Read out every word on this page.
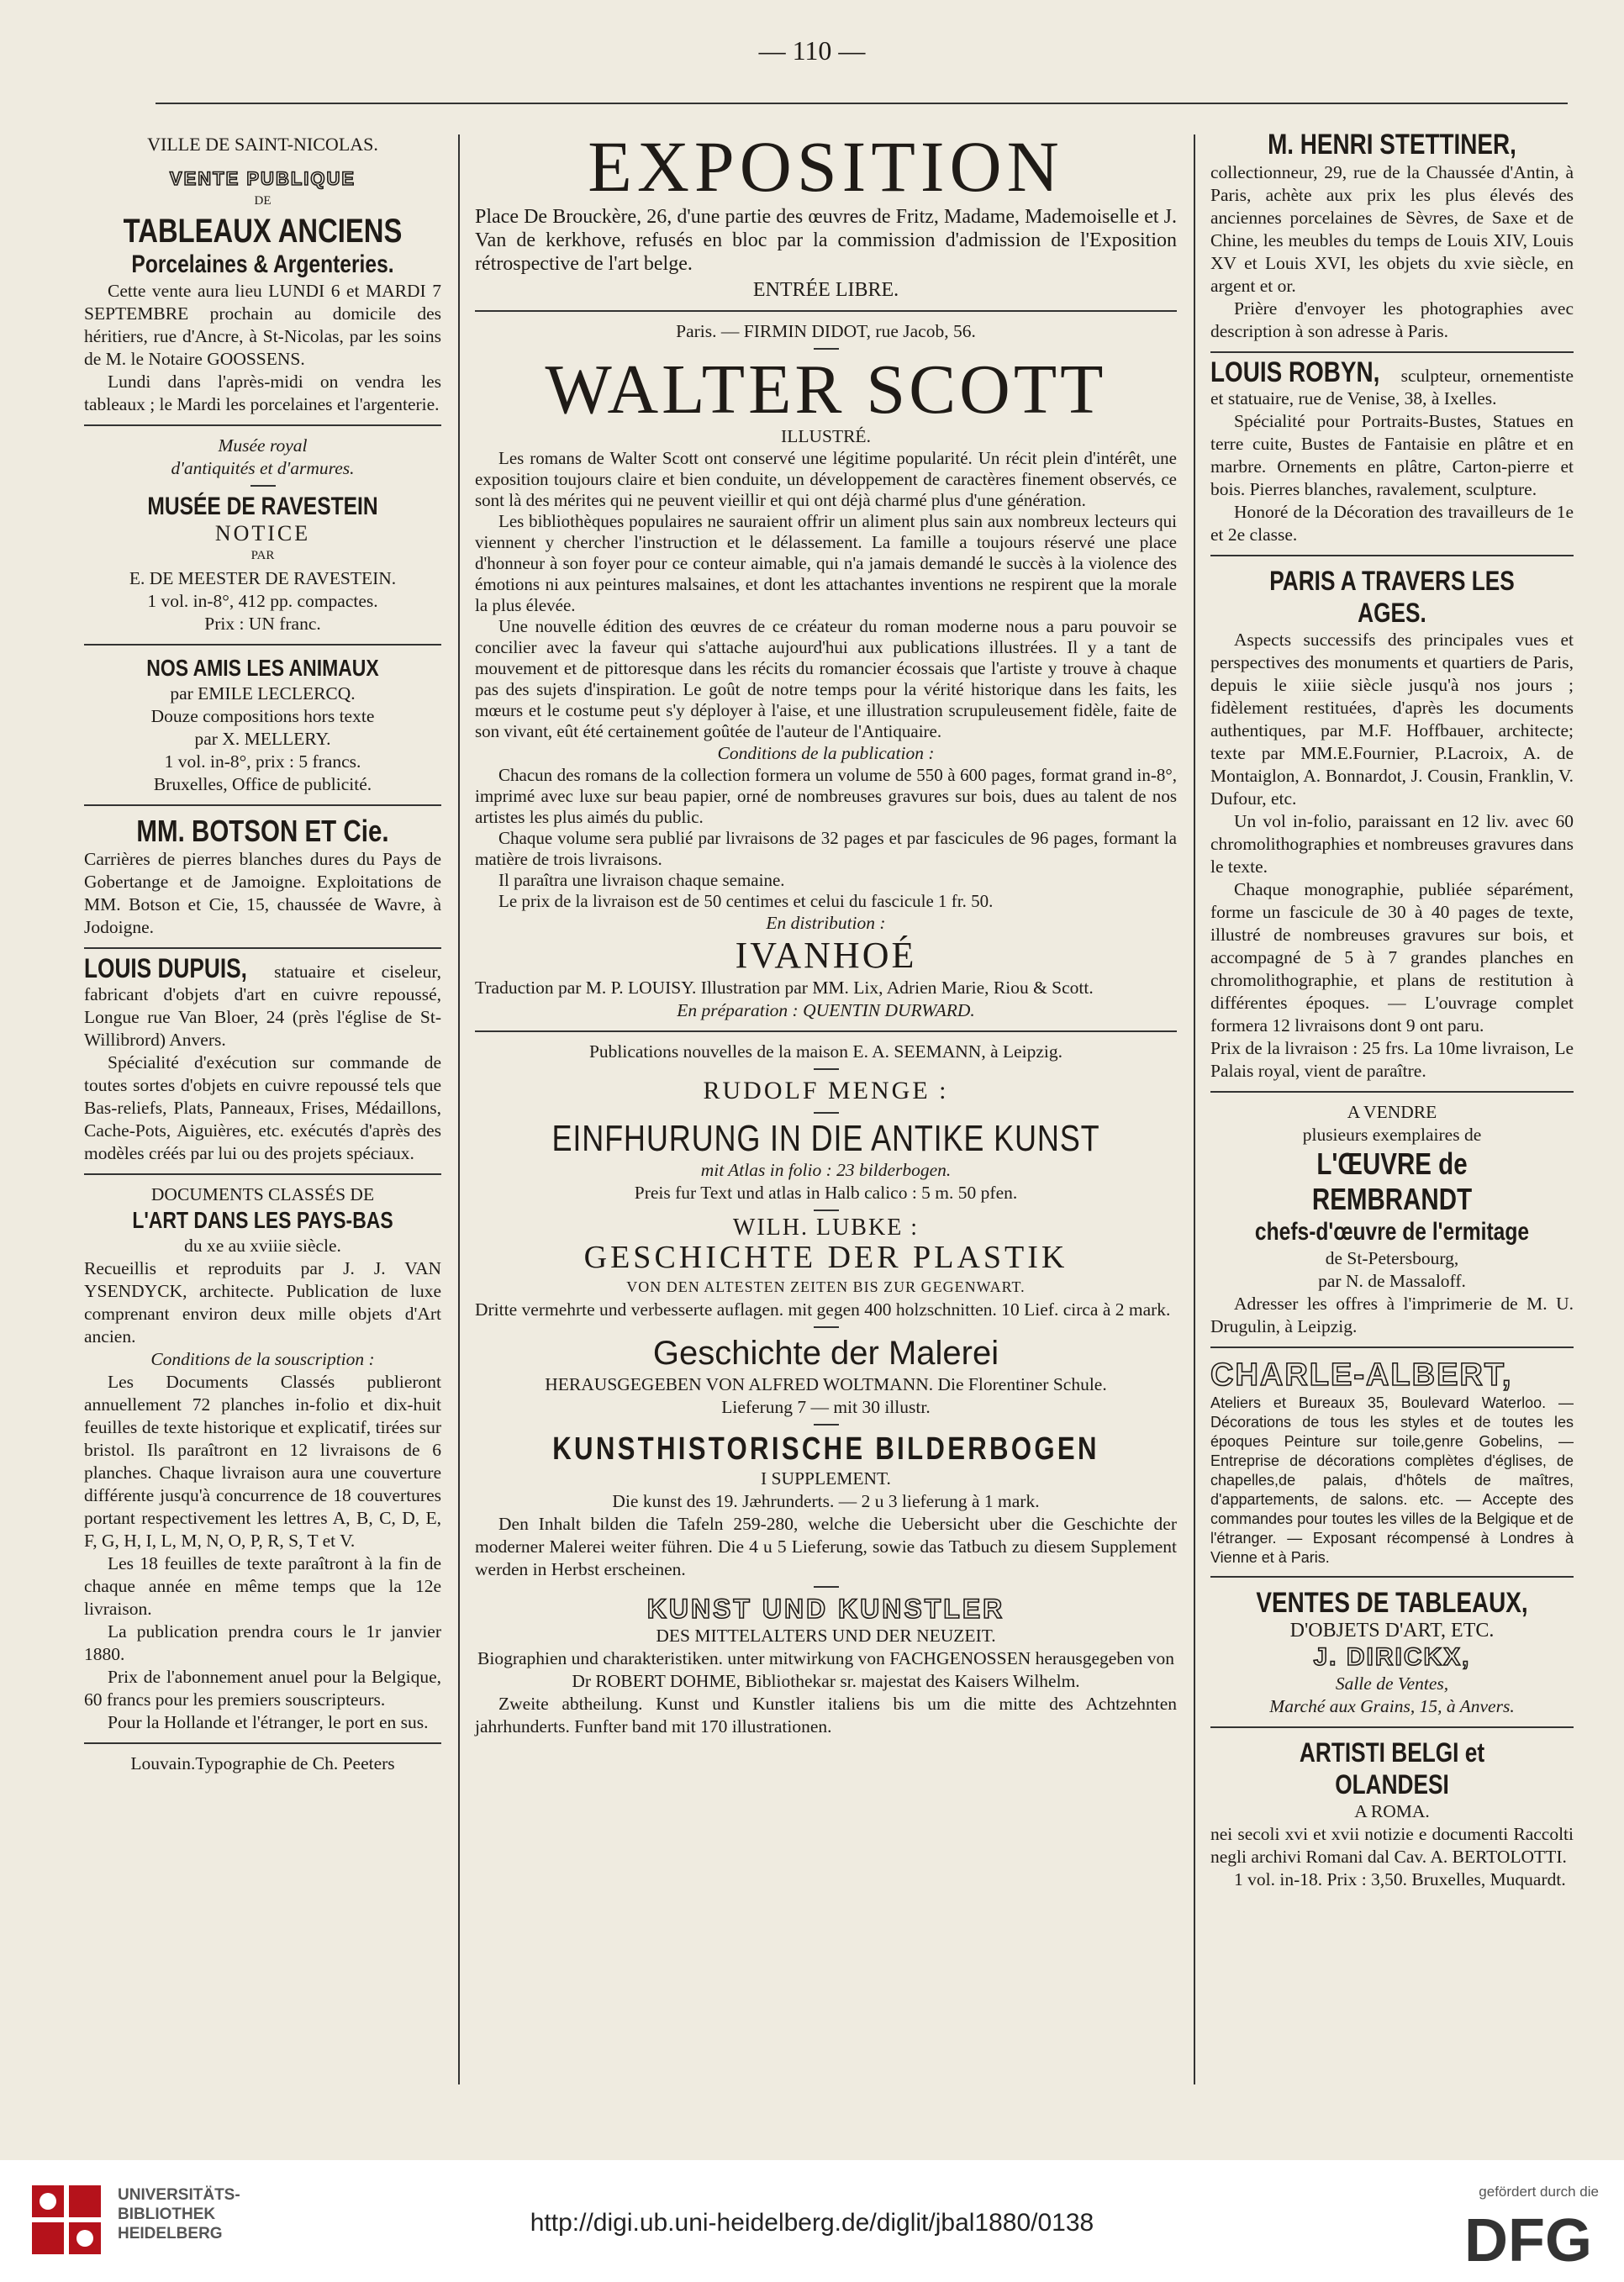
— 110 —

VILLE DE SAINT-NICOLAS.

VENTE PUBLIQUE

DE

TABLEAUX ANCIENS

Porcelaines & Argenteries.

Cette vente aura lieu LUNDI 6 et MARDI 7 SEPTEMBRE prochain au domicile des héritiers, rue d'Ancre, à St-Nicolas, par les soins de M. le Notaire GOOSSENS.

Lundi dans l'après-midi on vendra les tableaux ; le Mardi les porcelaines et l'argenterie.

Musée royal

d'antiquités et d'armures.

MUSÉE DE RAVESTEIN

NOTICE

PAR

E. DE MEESTER DE RAVESTEIN.

1 vol. in-8°, 412 pp. compactes.

Prix : UN franc.

NOS AMIS LES ANIMAUX

par EMILE LECLERCQ.

Douze compositions hors texte

par X. MELLERY.

1 vol. in-8°, prix : 5 francs.

Bruxelles, Office de publicité.

MM. BOTSON ET Cie.

Carrières de pierres blanches dures du Pays de Gobertange et de Jamoigne. Exploitations de MM. Botson et Cie, 15, chaussée de Wavre, à Jodoigne.

LOUIS DUPUIS, statuaire et ciseleur, fabricant d'objets d'art en cuivre repoussé, Longue rue Van Bloer, 24 (près l'église de St-Willibrord) Anvers.

Spécialité d'exécution sur commande de toutes sortes d'objets en cuivre repoussé tels que Bas-reliefs, Plats, Panneaux, Frises, Médaillons, Cache-Pots, Aiguières, etc. exécutés d'après des modèles créés par lui ou des projets spéciaux.

DOCUMENTS CLASSÉS DE

L'ART DANS LES PAYS-BAS

du xe au xviiie siècle.

Recueillis et reproduits par J. J. VAN YSENDYCK, architecte. Publication de luxe comprenant environ deux mille objets d'Art ancien.

Conditions de la souscription :

Les Documents Classés publieront annuellement 72 planches in-folio et dix-huit feuilles de texte historique et explicatif, tirées sur bristol. Ils paraîtront en 12 livraisons de 6 planches. Chaque livraison aura une couverture différente jusqu'à concurrence de 18 couvertures portant respectivement les lettres A, B, C, D, E, F, G, H, I, L, M, N, O, P, R, S, T et V.

Les 18 feuilles de texte paraîtront à la fin de chaque année en même temps que la 12e livraison.

La publication prendra cours le 1r janvier 1880.

Prix de l'abonnement anuel pour la Belgique, 60 francs pour les premiers souscripteurs.

Pour la Hollande et l'étranger, le port en sus.

Louvain.Typographie de Ch. Peeters

EXPOSITION

Place De Brouckère, 26, d'une partie des œuvres de Fritz, Madame, Mademoiselle et J. Van de kerkhove, refusés en bloc par la commission d'admission de l'Exposition rétrospective de l'art belge.

ENTRÉE LIBRE.

Paris. — FIRMIN DIDOT, rue Jacob, 56.

WALTER SCOTT

ILLUSTRÉ.

Les romans de Walter Scott ont conservé une légitime popularité. Un récit plein d'intérêt, une exposition toujours claire et bien conduite, un développement de caractères finement observés, ce sont là des mérites qui ne peuvent vieillir et qui ont déjà charmé plus d'une génération.

Les bibliothèques populaires ne sauraient offrir un aliment plus sain aux nombreux lecteurs qui viennent y chercher l'instruction et le délassement. La famille a toujours réservé une place d'honneur à son foyer pour ce conteur aimable, qui n'a jamais demandé le succès à la violence des émotions ni aux peintures malsaines, et dont les attachantes inventions ne respirent que la morale la plus élevée.

Une nouvelle édition des œuvres de ce créateur du roman moderne nous a paru pouvoir se concilier avec la faveur qui s'attache aujourd'hui aux publications illustrées. Il y a tant de mouvement et de pittoresque dans les récits du romancier écossais que l'artiste y trouve à chaque pas des sujets d'inspiration. Le goût de notre temps pour la vérité historique dans les faits, les mœurs et le costume peut s'y déployer à l'aise, et une illustration scrupuleusement fidèle, faite de son vivant, eût été certainement goûtée de l'auteur de l'Antiquaire.

Conditions de la publication :

Chacun des romans de la collection formera un volume de 550 à 600 pages, format grand in-8°, imprimé avec luxe sur beau papier, orné de nombreuses gravures sur bois, dues au talent de nos artistes les plus aimés du public.

Chaque volume sera publié par livraisons de 32 pages et par fascicules de 96 pages, formant la matière de trois livraisons.

Il paraîtra une livraison chaque semaine.

Le prix de la livraison est de 50 centimes et celui du fascicule 1 fr. 50.

En distribution :

IVANHOÉ

Traduction par M. P. LOUISY. Illustration par MM. Lix, Adrien Marie, Riou & Scott.

En préparation : QUENTIN DURWARD.

Publications nouvelles de la maison E. A. SEEMANN, à Leipzig.

RUDOLF MENGE :

EINFHURUNG IN DIE ANTIKE KUNST

mit Atlas in folio : 23 bilderbogen.

Preis fur Text und atlas in Halb calico : 5 m. 50 pfen.

WILH. LUBKE :

GESCHICHTE DER PLASTIK

VON DEN ALTESTEN ZEITEN BIS ZUR GEGENWART.

Dritte vermehrte und verbesserte auflagen. mit gegen 400 holzschnitten. 10 Lief. circa à 2 mark.

Geschichte der Malerei

HERAUSGEGEBEN VON ALFRED WOLTMANN. Die Florentiner Schule.

Lieferung 7 — mit 30 illustr.

KUNSTHISTORISCHE BILDERBOGEN

I SUPPLEMENT.

Die kunst des 19. Jæhrunderts. — 2 u 3 lieferung à 1 mark.

Den Inhalt bilden die Tafeln 259-280, welche die Uebersicht uber die Geschichte der moderner Malerei weiter führen. Die 4 u 5 Lieferung, sowie das Tatbuch zu diesem Supplement werden in Herbst erscheinen.

KUNST UND KUNSTLER

DES MITTELALTERS UND DER NEUZEIT.

Biographien und charakteristiken. unter mitwirkung von FACHGENOSSEN herausgegeben von Dr ROBERT DOHME, Bibliothekar sr. majestat des Kaisers Wilhelm.

Zweite abtheilung. Kunst und Kunstler italiens bis um die mitte des Achtzehnten jahrhunderts. Funfter band mit 170 illustrationen.

M. HENRI STETTINER,

collectionneur, 29, rue de la Chaussée d'Antin, à Paris, achète aux prix les plus élevés des anciennes porcelaines de Sèvres, de Saxe et de Chine, les meubles du temps de Louis XIV, Louis XV et Louis XVI, les objets du xvie siècle, en argent et or.

Prière d'envoyer les photographies avec description à son adresse à Paris.

LOUIS ROBYN, sculpteur, ornementiste et statuaire, rue de Venise, 38, à Ixelles.

Spécialité pour Portraits-Bustes, Statues en terre cuite, Bustes de Fantaisie en plâtre et en marbre. Ornements en plâtre, Carton-pierre et bois. Pierres blanches, ravalement, sculpture.

Honoré de la Décoration des travailleurs de 1e et 2e classe.

PARIS A TRAVERS LES AGES.

Aspects successifs des principales vues et perspectives des monuments et quartiers de Paris, depuis le xiiie siècle jusqu'à nos jours ; fidèlement restituées, d'après les documents authentiques, par M.F. Hoffbauer, architecte; texte par MM.E.Fournier, P.Lacroix, A. de Montaiglon, A. Bonnardot, J. Cousin, Franklin, V. Dufour, etc.

Un vol in-folio, paraissant en 12 liv. avec 60 chromolithographies et nombreuses gravures dans le texte.

Chaque monographie, publiée séparément, forme un fascicule de 30 à 40 pages de texte, illustré de nombreuses gravures sur bois, et accompagné de 5 à 7 grandes planches en chromolithographie, et plans de restitution à différentes époques. — L'ouvrage complet formera 12 livraisons dont 9 ont paru.

Prix de la livraison : 25 frs. La 10me livraison, Le Palais royal, vient de paraître.

A VENDRE

plusieurs exemplaires de

L'ŒUVRE de REMBRANDT

chefs-d'œuvre de l'ermitage

de St-Petersbourg,

par N. de Massaloff.

Adresser les offres à l'imprimerie de M. U. Drugulin, à Leipzig.

CHARLE-ALBERT,

Ateliers et Bureaux 35, Boulevard Waterloo. — Décorations de tous les styles et de toutes les époques Peinture sur toile,genre Gobelins, — Entreprise de décorations complètes d'églises, de chapelles,de palais, d'hôtels de maîtres, d'appartements, de salons. etc. — Accepte des commandes pour toutes les villes de la Belgique et de l'étranger. — Exposant récompensé à Londres à Vienne et à Paris.

VENTES DE TABLEAUX,

D'OBJETS D'ART, ETC.

J. DIRICKX,

Salle de Ventes,

Marché aux Grains, 15, à Anvers.

ARTISTI BELGI et OLANDESI

A ROMA.

nei secoli xvi et xvii notizie e documenti Raccolti negli archivi Romani dal Cav. A. BERTOLOTTI.

1 vol. in-18. Prix : 3,50. Bruxelles, Muquardt.

UNIVERSITÄTS-
BIBLIOTHEK
HEIDELBERG	http://digi.ub.uni-heidelberg.de/diglit/jbal1880/0138
gefördert durch die
DFG
